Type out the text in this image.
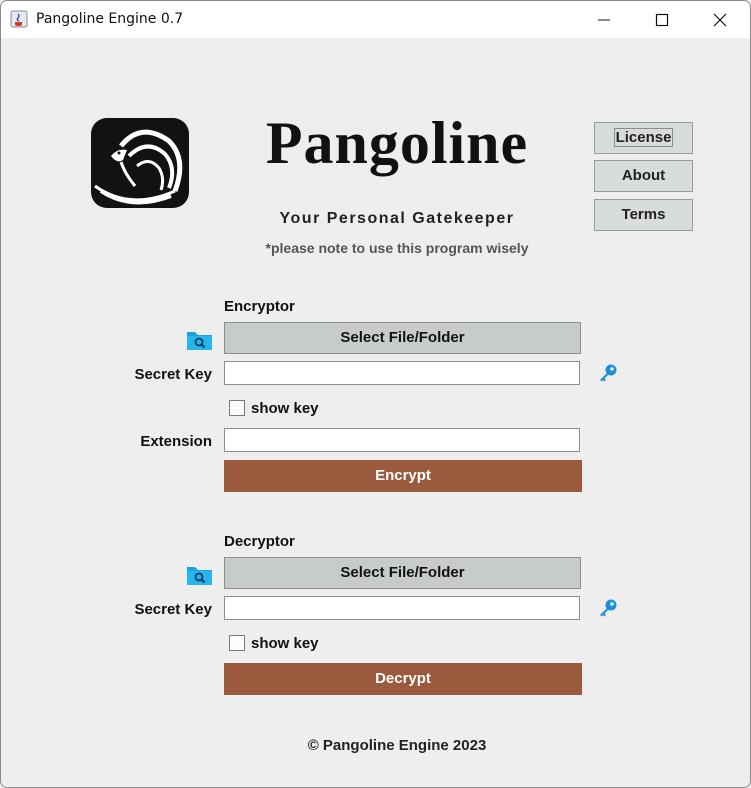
Pangoline Engine 0.7
Pangoline
Your Personal Gatekeeper
*please note to use this program wisely
License
About
Terms
Encryptor
Select File/Folder
Secret Key
show key
Extension
Encrypt
Decryptor
Select File/Folder
Secret Key
show key
Decrypt
© Pangoline Engine 2023
